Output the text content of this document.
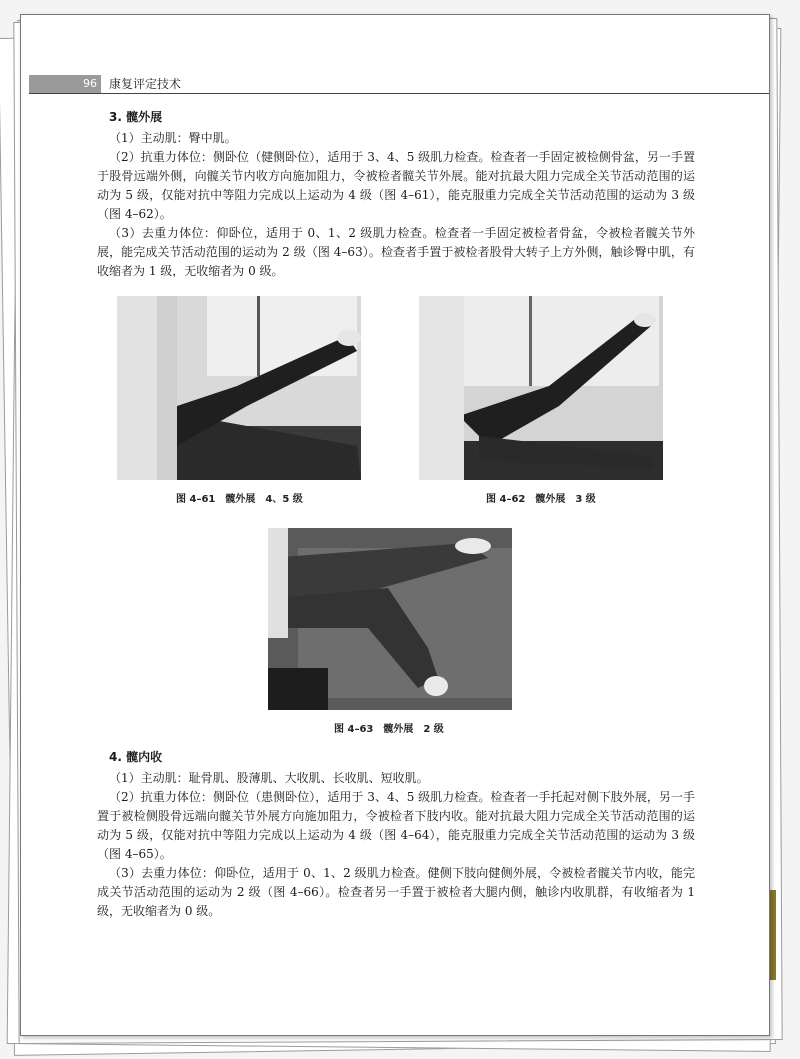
96	康复评定技术
3. 髋外展

（1）主动肌：臀中肌。

（2）抗重力体位：侧卧位（健侧卧位），适用于 3、4、5 级肌力检查。检查者一手固定被检侧骨盆，另一手置于股骨远端外侧，向髋关节内收方向施加阻力，令被检者髋关节外展。能对抗最大阻力完成全关节活动范围的运动为 5 级，仅能对抗中等阻力完成以上运动为 4 级（图 4–61），能克服重力完成全关节活动范围的运动为 3 级（图 4–62）。

（3）去重力体位：仰卧位，适用于 0、1、2 级肌力检查。检查者一手固定被检者骨盆，令被检者髋关节外展，能完成关节活动范围的运动为 2 级（图 4–63）。检查者手置于被检者股骨大转子上方外侧，触诊臀中肌，有收缩者为 1 级，无收缩者为 0 级。

图 4–61　髋外展　4、5 级	图 4–62　髋外展　3 级
图 4–63　髋外展　2 级
4. 髋内收

（1）主动肌：耻骨肌、股薄肌、大收肌、长收肌、短收肌。

（2）抗重力体位：侧卧位（患侧卧位），适用于 3、4、5 级肌力检查。检查者一手托起对侧下肢外展，另一手置于被检侧股骨远端向髋关节外展方向施加阻力，令被检者下肢内收。能对抗最大阻力完成全关节活动范围的运动为 5 级，仅能对抗中等阻力完成以上运动为 4 级（图 4–64），能克服重力完成全关节活动范围的运动为 3 级（图 4–65）。

（3）去重力体位：仰卧位，适用于 0、1、2 级肌力检查。健侧下肢向健侧外展，令被检者髋关节内收，能完成关节活动范围的运动为 2 级（图 4–66）。检查者另一手置于被检者大腿内侧，触诊内收肌群，有收缩者为 1 级，无收缩者为 0 级。
